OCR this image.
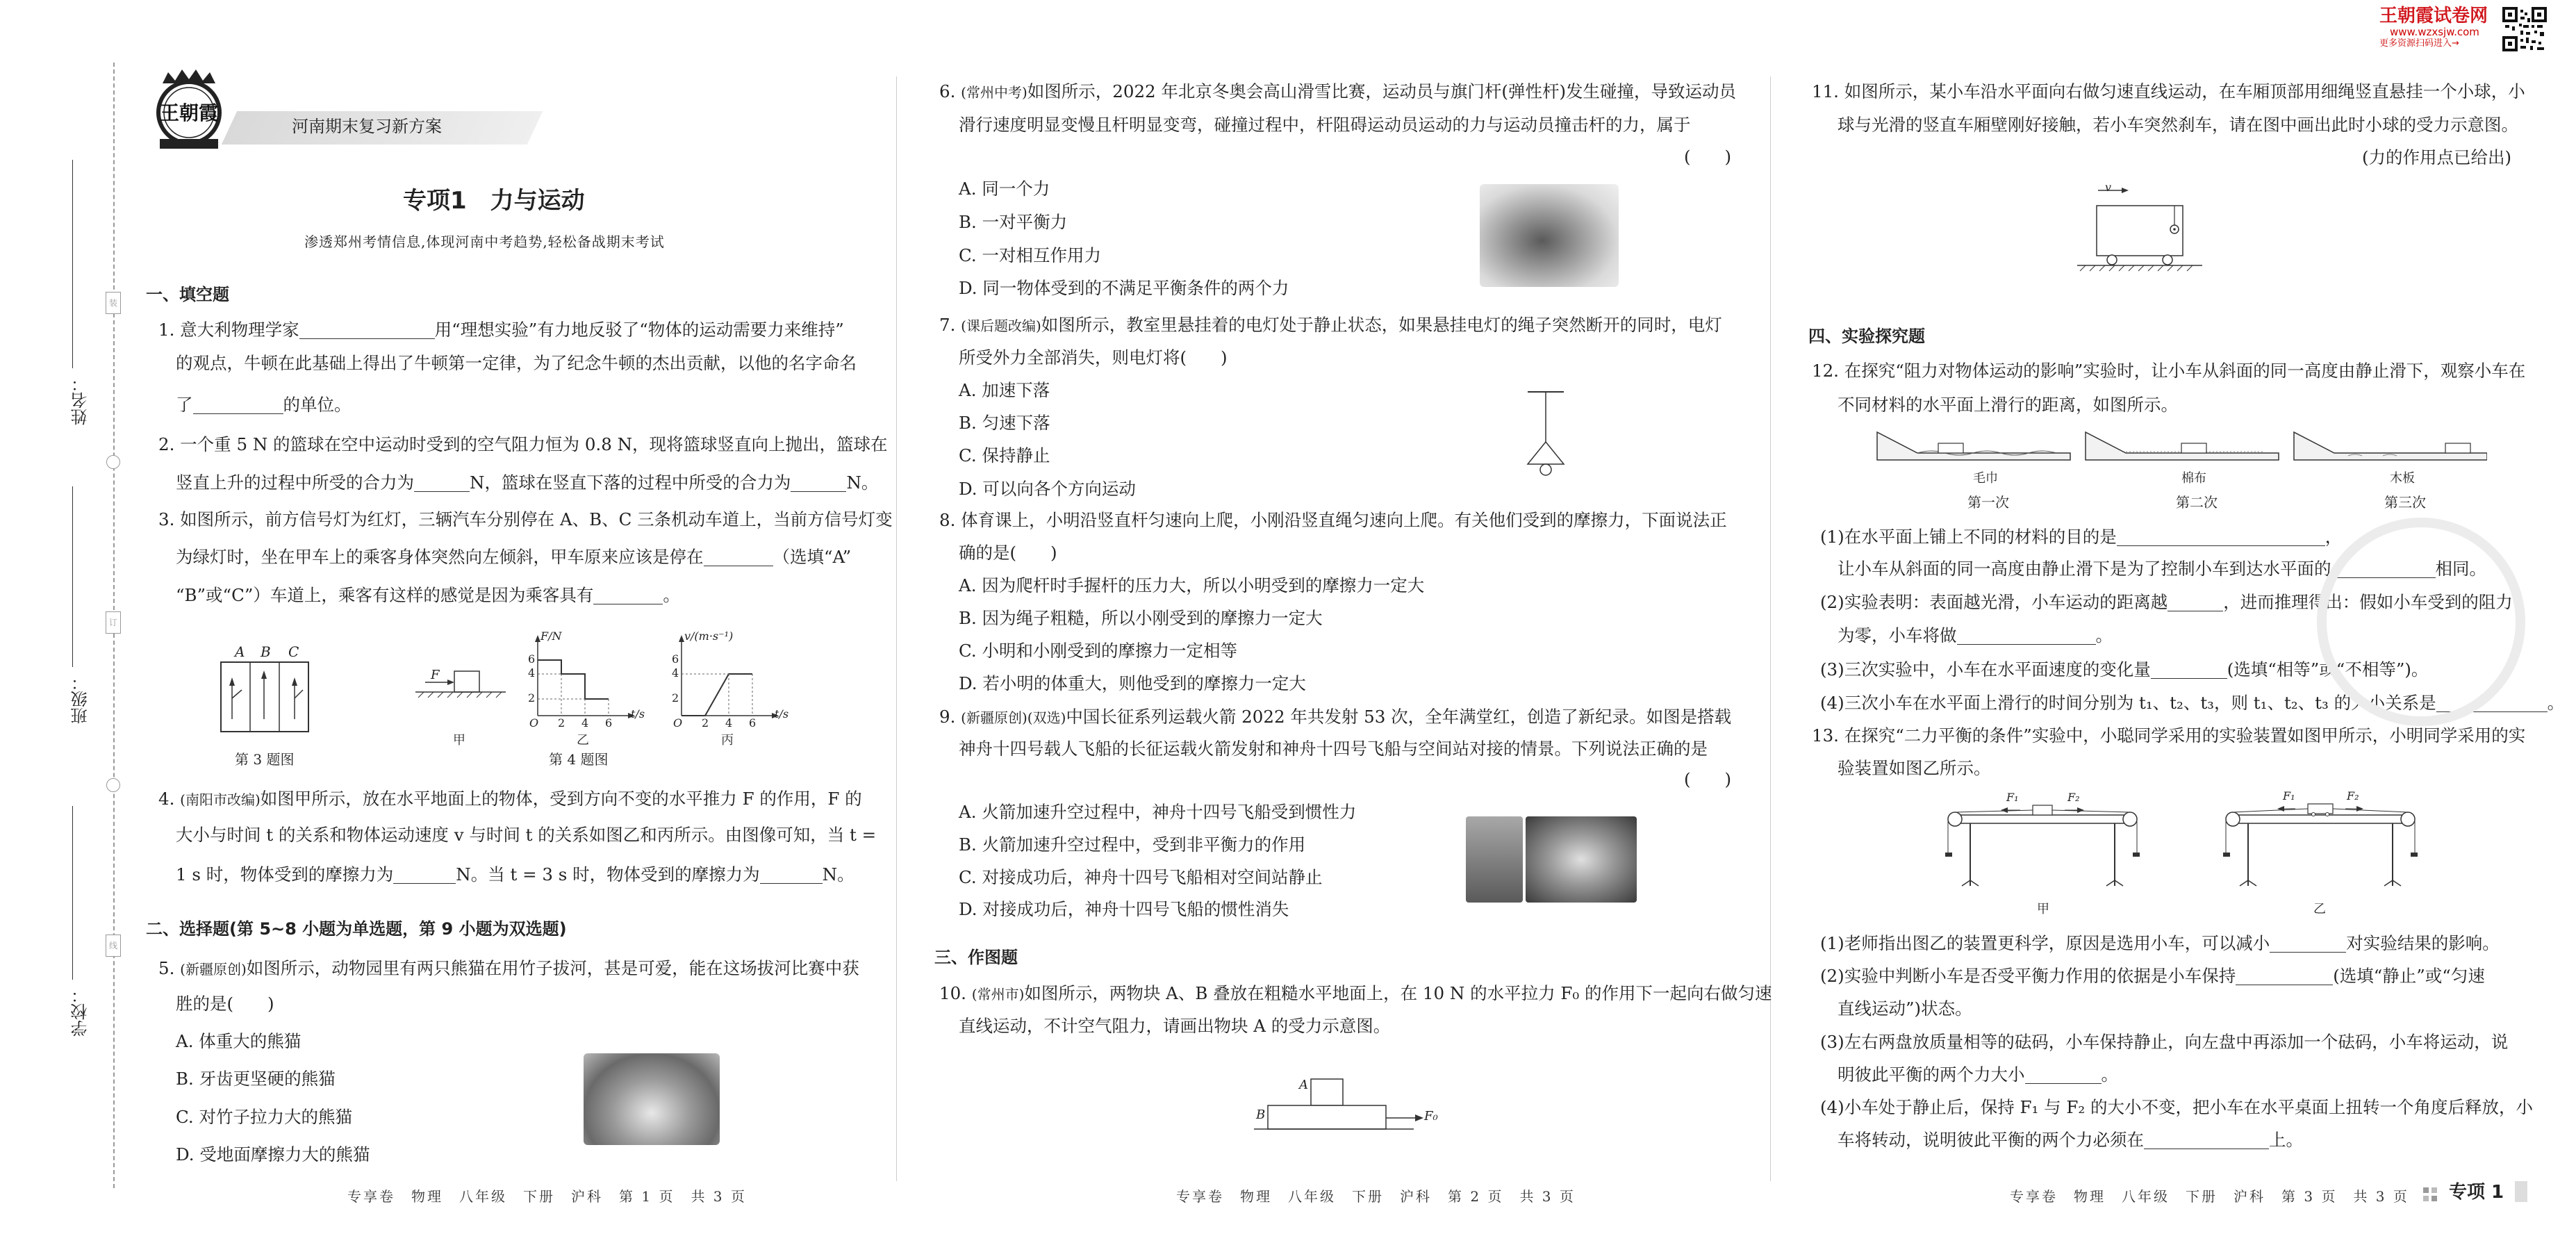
装
订
线
姓名：
班级：
学校：
王朝霞
河南期末复习新方案
专项1　力与运动
渗透郑州考情信息,体现河南中考趋势,轻松备战期末考试
一、填空题
1. 意大利物理学家	用“理想实验”有力地反驳了“物体的运动需要力来维持”
的观点，牛顿在此基础上得出了牛顿第一定律，为了纪念牛顿的杰出贡献，以他的名字命名
了	的单位。
2. 一个重 5 N 的篮球在空中运动时受到的空气阻力恒为 0.8 N，现将篮球竖直向上抛出，篮球在
竖直上升的过程中所受的合力为	N，篮球在竖直下落的过程中所受的合力为	N。
3. 如图所示，前方信号灯为红灯，三辆汽车分别停在 A、B、C 三条机动车道上，当前方信号灯变
为绿灯时，坐在甲车上的乘客身体突然向左倾斜，甲车原来应该是停在	（选填“A”
“B”或“C”）车道上，乘客有这样的感觉是因为乘客具有	。
A B C
第 3 题图
F
甲
F/N
6
4
2
O 2 4 6
t/s
乙
v/(m·s⁻¹)
6
4
2
O 2 4 6
t/s
丙
第 4 题图
4. (南阳市改编)如图甲所示，放在水平地面上的物体，受到方向不变的水平推力 F 的作用，F 的
大小与时间 t 的关系和物体运动速度 v 与时间 t 的关系如图乙和丙所示。由图像可知，当 t =
1 s 时，物体受到的摩擦力为	N。当 t = 3 s 时，物体受到的摩擦力为	N。
二、选择题(第 5~8 小题为单选题，第 9 小题为双选题)
5. (新疆原创)如图所示，动物园里有两只熊猫在用竹子拔河，甚是可爱，能在这场拔河比赛中获
胜的是(　　)
A. 体重大的熊猫
B. 牙齿更坚硬的熊猫
C. 对竹子拉力大的熊猫
D. 受地面摩擦力大的熊猫
专享卷　物理　八年级　下册　沪科　第 1 页　共 3 页
6. (常州中考)如图所示，2022 年北京冬奥会高山滑雪比赛，运动员与旗门杆(弹性杆)发生碰撞，导致运动员
滑行速度明显变慢且杆明显变弯，碰撞过程中，杆阻碍运动员运动的力与运动员撞击杆的力，属于
(　　)
A. 同一个力
B. 一对平衡力
C. 一对相互作用力
D. 同一物体受到的不满足平衡条件的两个力
7. (课后题改编)如图所示，教室里悬挂着的电灯处于静止状态，如果悬挂电灯的绳子突然断开的同时，电灯
所受外力全部消失，则电灯将(　　)
A. 加速下落
B. 匀速下落
C. 保持静止
D. 可以向各个方向运动
8. 体育课上，小明沿竖直杆匀速向上爬，小刚沿竖直绳匀速向上爬。有关他们受到的摩擦力，下面说法正
确的是(　　)
A. 因为爬杆时手握杆的压力大，所以小明受到的摩擦力一定大
B. 因为绳子粗糙，所以小刚受到的摩擦力一定大
C. 小明和小刚受到的摩擦力一定相等
D. 若小明的体重大，则他受到的摩擦力一定大
9. (新疆原创)(双选)中国长征系列运载火箭 2022 年共发射 53 次，全年满堂红，创造了新纪录。如图是搭载
神舟十四号载人飞船的长征运载火箭发射和神舟十四号飞船与空间站对接的情景。下列说法正确的是
(　　)
A. 火箭加速升空过程中，神舟十四号飞船受到惯性力
B. 火箭加速升空过程中，受到非平衡力的作用
C. 对接成功后，神舟十四号飞船相对空间站静止
D. 对接成功后，神舟十四号飞船的惯性消失
三、作图题
10. (常州市)如图所示，两物块 A、B 叠放在粗糙水平地面上，在 10 N 的水平拉力 F₀ 的作用下一起向右做匀速
直线运动，不计空气阻力，请画出物块 A 的受力示意图。
A
B	F₀
专享卷　物理　八年级　下册　沪科　第 2 页　共 3 页
王朝霞试卷网
www.wzxsjw.com
更多资源扫码进入→
11. 如图所示，某小车沿水平面向右做匀速直线运动，在车厢顶部用细绳竖直悬挂一个小球，小
球与光滑的竖直车厢壁刚好接触，若小车突然刹车，请在图中画出此时小球的受力示意图。
(力的作用点已给出)
v
四、实验探究题
12. 在探究“阻力对物体运动的影响”实验时，让小车从斜面的同一高度由静止滑下，观察小车在
不同材料的水平面上滑行的距离，如图所示。
毛巾	棉布	木板
第一次	第二次	第三次
(1)在水平面上铺上不同的材料的目的是	，
让小车从斜面的同一高度由静止滑下是为了控制小车到达水平面的	相同。
(2)实验表明：表面越光滑，小车运动的距离越	，进而推理得出：假如小车受到的阻力
为零，小车将做	。
(3)三次实验中，小车在水平面速度的变化量	(选填“相等”或“不相等”)。
(4)三次小车在水平面上滑行的时间分别为 t₁、t₂、t₃，则 t₁、t₂、t₃ 的大小关系是	。
13. 在探究“二力平衡的条件”实验中，小聪同学采用的实验装置如图甲所示，小明同学采用的实
验装置如图乙所示。
F₁	F₂
甲
F₁	F₂
乙
(1)老师指出图乙的装置更科学，原因是选用小车，可以减小	对实验结果的影响。
(2)实验中判断小车是否受平衡力作用的依据是小车保持	(选填“静止”或“匀速
直线运动”)状态。
(3)左右两盘放质量相等的砝码，小车保持静止，向左盘中再添加一个砝码，小车将运动，说
明彼此平衡的两个力大小	。
(4)小车处于静止后，保持 F₁ 与 F₂ 的大小不变，把小车在水平桌面上扭转一个角度后释放，小
车将转动，说明彼此平衡的两个力必须在	上。
专享卷　物理　八年级　下册　沪科　第 3 页　共 3 页 专项 1
